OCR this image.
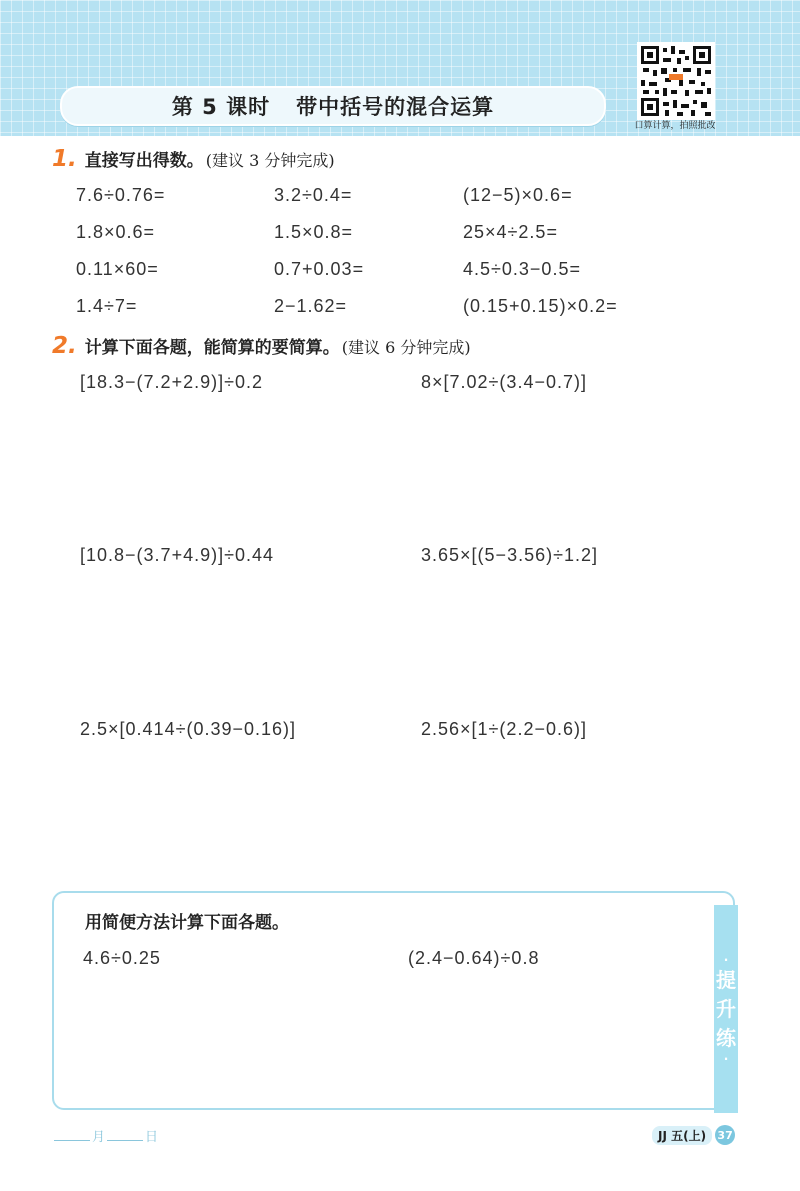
第 5 课时 带中括号的混合运算
口算计算，拍照批改
1. 直接写出得数。 (建议 3 分钟完成)
7.6÷0.76=	3.2÷0.4=	(12−5)×0.6=
1.8×0.6=	1.5×0.8=	25×4÷2.5=
0.11×60=	0.7+0.03=	4.5÷0.3−0.5=
1.4÷7=	2−1.62=	(0.15+0.15)×0.2=
2. 计算下面各题，能简算的要简算。 (建议 6 分钟完成)
[18.3−(7.2+2.9)]÷0.2	8×[7.02÷(3.4−0.7)]
[10.8−(3.7+4.9)]÷0.44	3.65×[(5−3.56)÷1.2]
2.5×[0.414÷(0.39−0.16)]	2.56×[1÷(2.2−0.6)]
·
提
升
练
·
用简便方法计算下面各题。
4.6÷0.25	(2.4−0.64)÷0.8
月	日	JJ 五(上)	37
